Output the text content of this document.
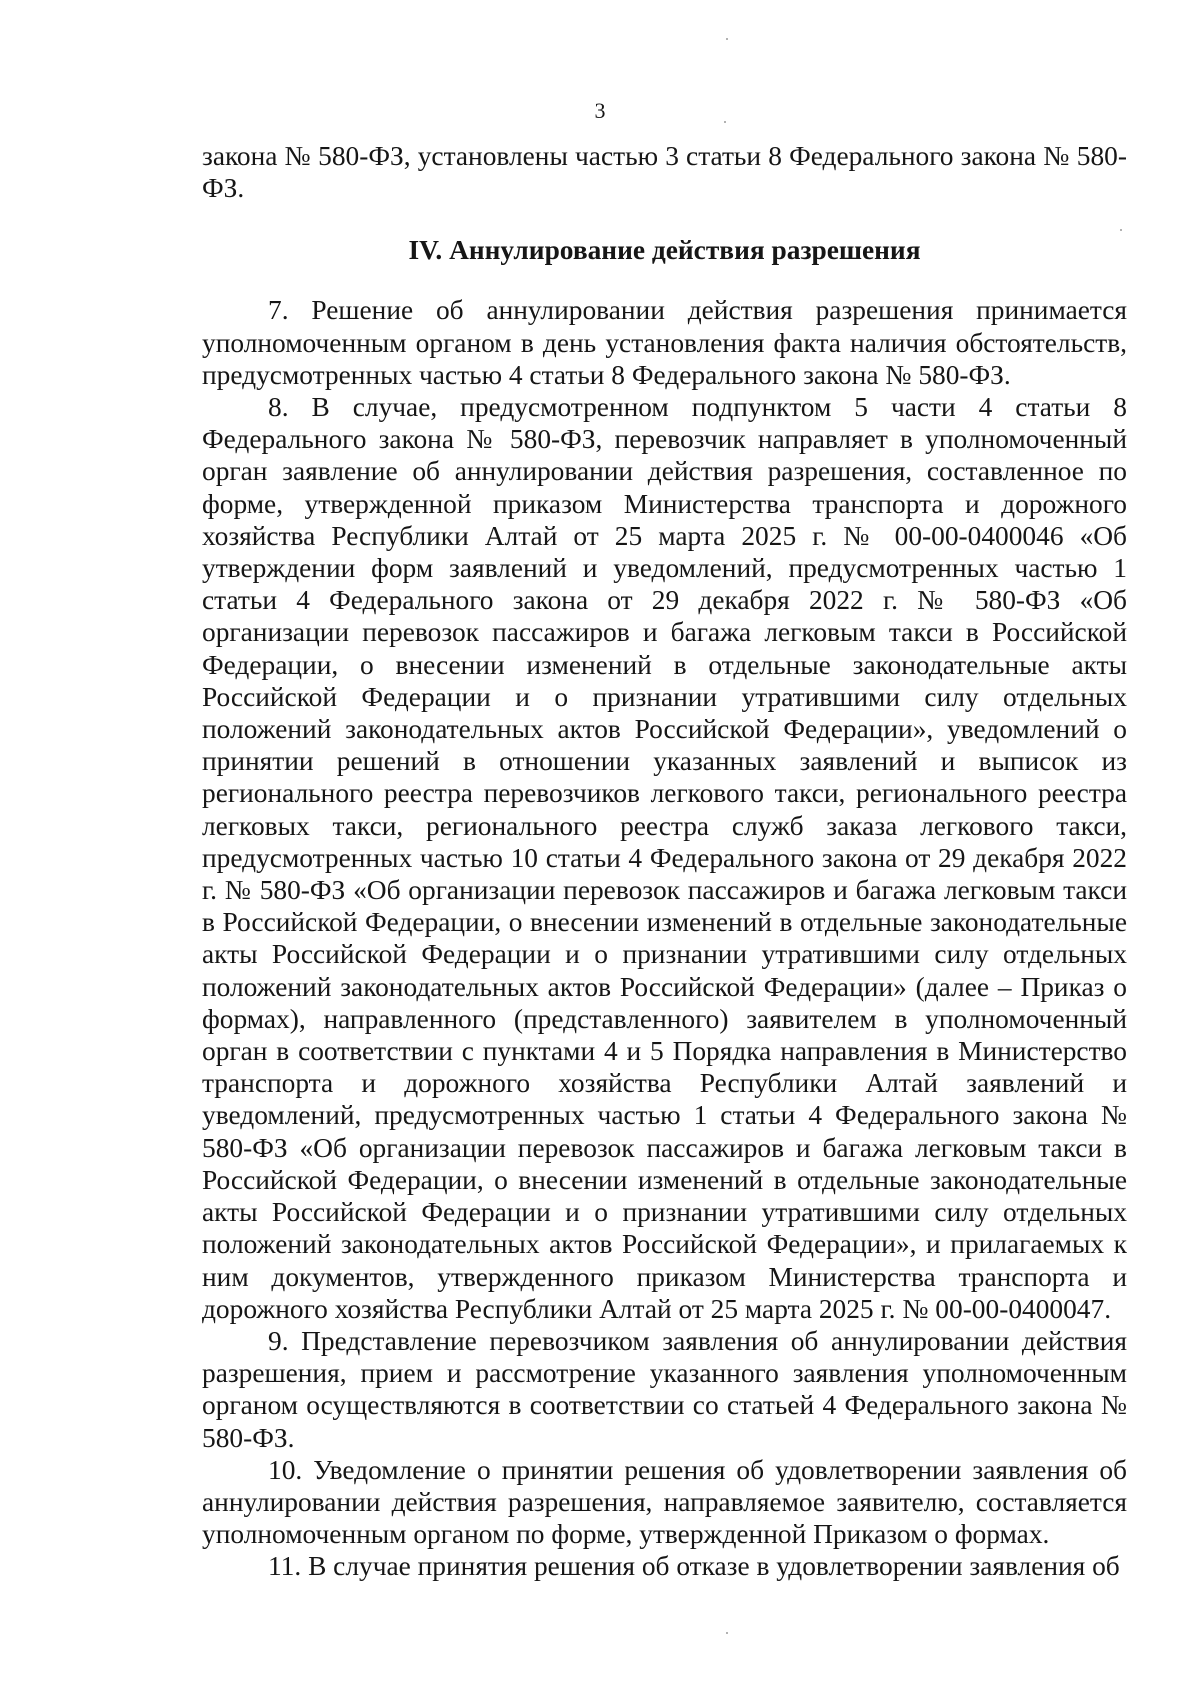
3

закона № 580-ФЗ, установлены частью 3 статьи 8 Федерального закона № 580-ФЗ.

IV. Аннулирование действия разрешения

7. Решение об аннулировании действия разрешения принимается уполномоченным органом в день установления факта наличия обстоятельств, предусмотренных частью 4 статьи 8 Федерального закона № 580-ФЗ.

8. В случае, предусмотренном подпунктом 5 части 4 статьи 8 Федерального закона № 580-ФЗ, перевозчик направляет в уполномоченный орган заявление об аннулировании действия разрешения, составленное по форме, утвержденной приказом Министерства транспорта и дорожного хозяйства Республики Алтай от 25 марта 2025 г. № 00-00-0400046 «Об утверждении форм заявлений и уведомлений, предусмотренных частью 1 статьи 4 Федерального закона от 29 декабря 2022 г. № 580-ФЗ «Об организации перевозок пассажиров и багажа легковым такси в Российской Федерации, о внесении изменений в отдельные законодательные акты Российской Федерации и о признании утратившими силу отдельных положений законодательных актов Российской Федерации», уведомлений о принятии решений в отношении указанных заявлений и выписок из регионального реестра перевозчиков легкового такси, регионального реестра легковых такси, регионального реестра служб заказа легкового такси, предусмотренных частью 10 статьи 4 Федерального закона от 29 декабря 2022 г. № 580-ФЗ «Об организации перевозок пассажиров и багажа легковым такси в Российской Федерации, о внесении изменений в отдельные законодательные акты Российской Федерации и о признании утратившими силу отдельных положений законодательных актов Российской Федерации» (далее – Приказ о формах), направленного (представленного) заявителем в уполномоченный орган в соответствии с пунктами 4 и 5 Порядка направления в Министерство транспорта и дорожного хозяйства Республики Алтай заявлений и уведомлений, предусмотренных частью 1 статьи 4 Федерального закона № 580-ФЗ «Об организации перевозок пассажиров и багажа легковым такси в Российской Федерации, о внесении изменений в отдельные законодательные акты Российской Федерации и о признании утратившими силу отдельных положений законодательных актов Российской Федерации», и прилагаемых к ним документов, утвержденного приказом Министерства транспорта и дорожного хозяйства Республики Алтай от 25 марта 2025 г. № 00-00-0400047.

9. Представление перевозчиком заявления об аннулировании действия разрешения, прием и рассмотрение указанного заявления уполномоченным органом осуществляются в соответствии со статьей 4 Федерального закона № 580-ФЗ.

10. Уведомление о принятии решения об удовлетворении заявления об аннулировании действия разрешения, направляемое заявителю, составляется уполномоченным органом по форме, утвержденной Приказом о формах.

11. В случае принятия решения об отказе в удовлетворении заявления об
